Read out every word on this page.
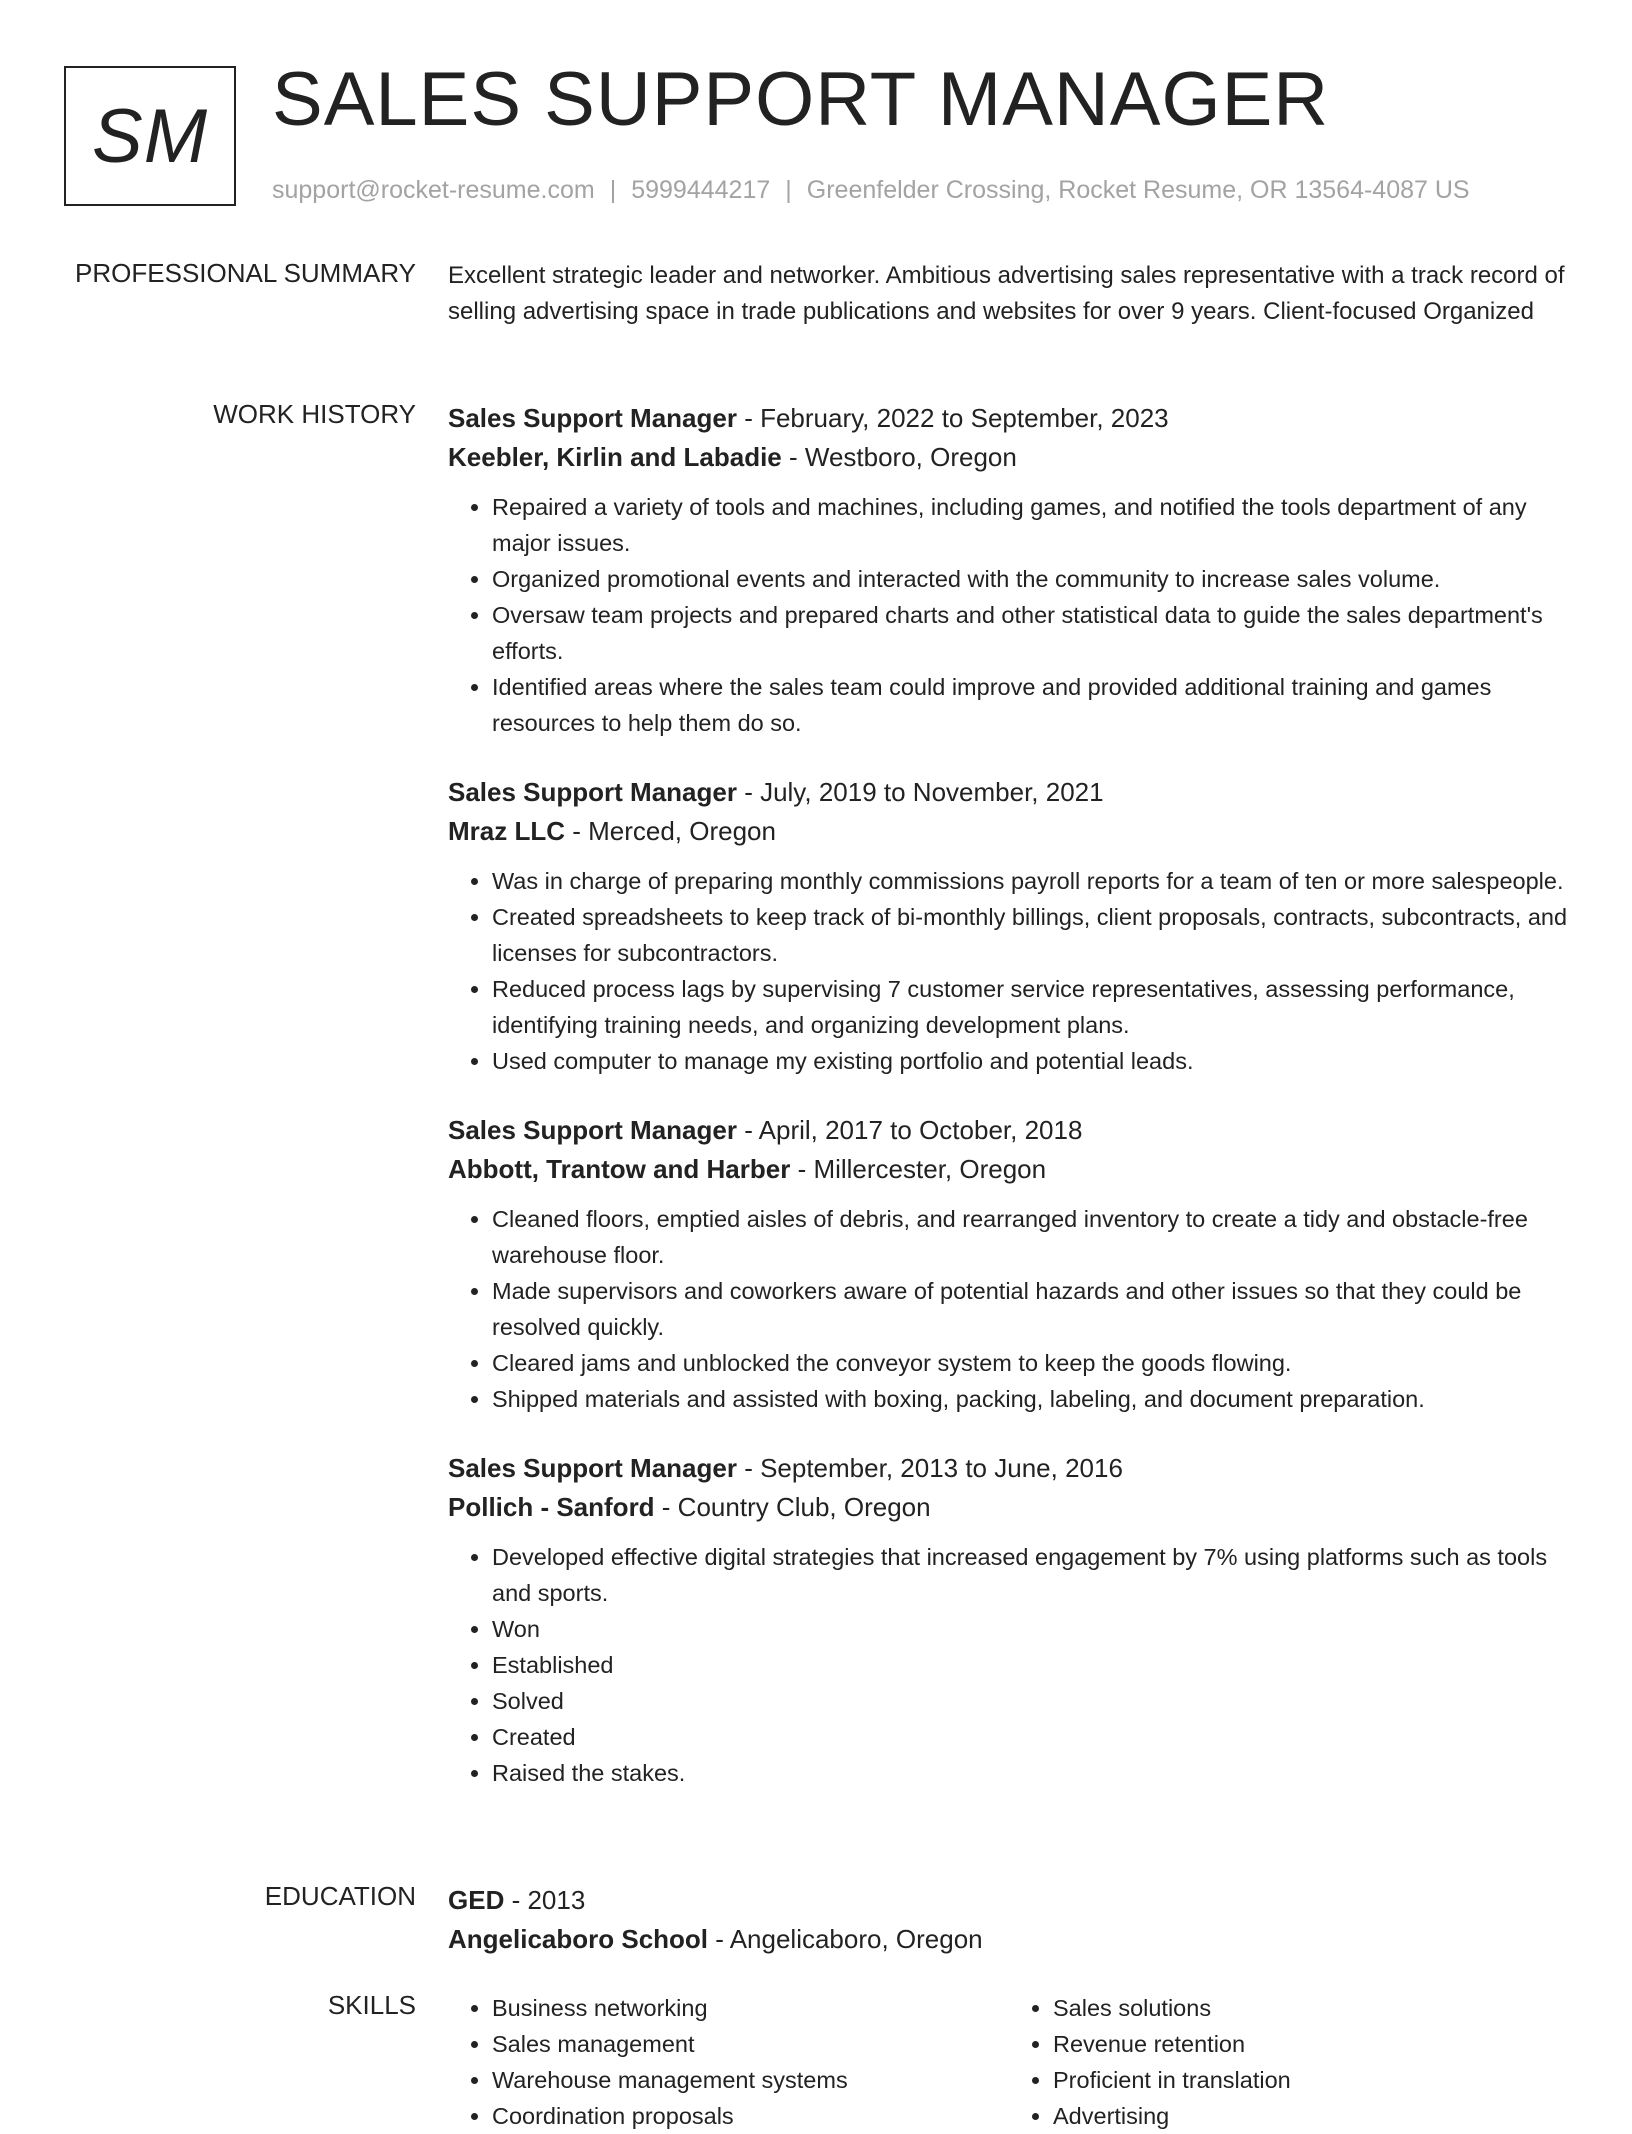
SM SALES SUPPORT MANAGER
support@rocket-resume.com | 5999444217 | Greenfelder Crossing, Rocket Resume, OR 13564-4087 US
PROFESSIONAL SUMMARY Excellent strategic leader and networker. Ambitious advertising sales representative with a track record of selling advertising space in trade publications and websites for over 9 years. Client-focused Organized

WORK HISTORY Sales Support Manager - February, 2022 to September, 2023
Keebler, Kirlin and Labadie - Westboro, Oregon
• Repaired a variety of tools and machines, including games, and notified the tools department of any major issues.
• Organized promotional events and interacted with the community to increase sales volume.
• Oversaw team projects and prepared charts and other statistical data to guide the sales department's efforts.
• Identified areas where the sales team could improve and provided additional training and games resources to help them do so.
Sales Support Manager - July, 2019 to November, 2021
Mraz LLC - Merced, Oregon
• Was in charge of preparing monthly commissions payroll reports for a team of ten or more salespeople.
• Created spreadsheets to keep track of bi-monthly billings, client proposals, contracts, subcontracts, and licenses for subcontractors.
• Reduced process lags by supervising 7 customer service representatives, assessing performance, identifying training needs, and organizing development plans.
• Used computer to manage my existing portfolio and potential leads.
Sales Support Manager - April, 2017 to October, 2018
Abbott, Trantow and Harber - Millercester, Oregon
• Cleaned floors, emptied aisles of debris, and rearranged inventory to create a tidy and obstacle-free warehouse floor.
• Made supervisors and coworkers aware of potential hazards and other issues so that they could be resolved quickly.
• Cleared jams and unblocked the conveyor system to keep the goods flowing.
• Shipped materials and assisted with boxing, packing, labeling, and document preparation.
Sales Support Manager - September, 2013 to June, 2016
Pollich - Sanford - Country Club, Oregon
• Developed effective digital strategies that increased engagement by 7% using platforms such as tools and sports.
• Won
• Established
• Solved
• Created
• Raised the stakes.
EDUCATION GED - 2013
Angelicaboro School - Angelicaboro, Oregon
SKILLS
•	Business networking
• Sales management
• Warehouse management systems
• Coordination proposals
• Sales solutions
• Revenue retention
• Proficient in translation
• Advertising
